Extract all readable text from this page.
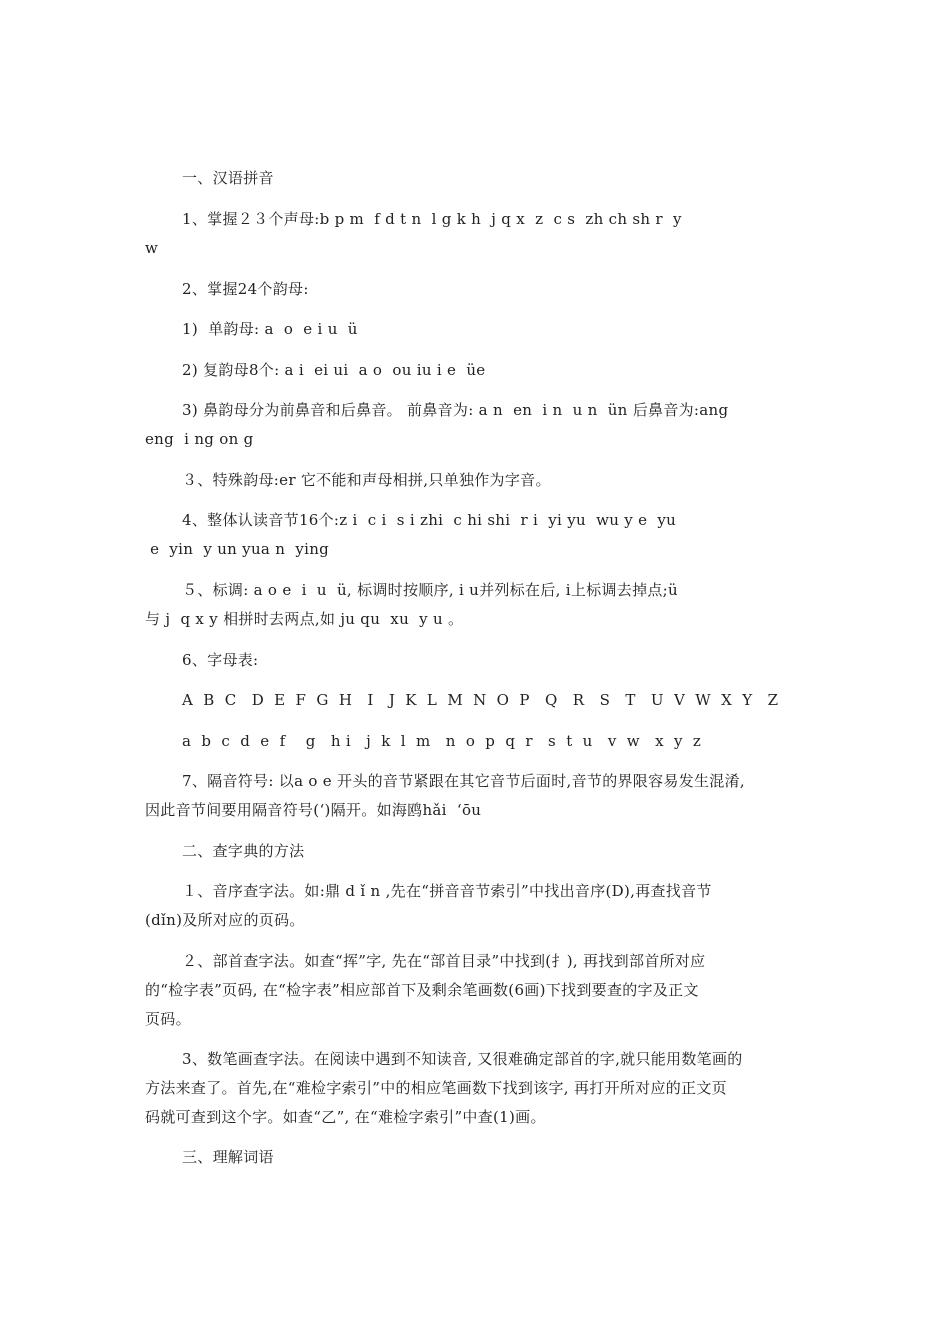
一、汉语拼音
1、掌握２３个声母:b p m  f d t n  l g k h  j q x  z  c s  zh ch sh r  y
w
2、掌握24个韵母:
1)  单韵母: a  o  e i u  ü
2) 复韵母8个: a i  ei ui  a o  ou iu i e  üe
3) 鼻韵母分为前鼻音和后鼻音。 前鼻音为: a n  en  i n  u n  ün 后鼻音为:ang
eng  i ng on g
３、特殊韵母:er 它不能和声母相拼,只单独作为字音。
4、整体认读音节16个:z i  c i  s i zhi  c hi shi  r i  yi yu  wu y e  yu
e  yin  y un yua n  ying
５、标调: a o e  i  u  ü, 标调时按顺序, i u并列标在后, i上标调去掉点;ü
与 j  q x y 相拼时去两点,如 ju qu  xu  y u 。
6、字母表:
A  B  C   D  E  F  G  H   I   J  K  L  M  N  O  P   Q   R   S   T   U  V  W  X  Y   Z
a  b  c  d  e  f    g   h i   j  k  l  m   n  o  p  q  r   s  t  u   v  w   x  y  z
7、隔音符号: 以a o e 开头的音节紧跟在其它音节后面时,音节的界限容易发生混淆,
因此音节间要用隔音符号(‘)隔开。如海鸥hǎi  ‘ōu
二、查字典的方法
１、音序查字法。如:鼎 d ǐ n ,先在“拼音音节索引”中找出音序(D),再查找音节
(dǐn)及所对应的页码。
２、部首查字法。如查“挥”字, 先在“部首目录”中找到(扌), 再找到部首所对应
的“检字表”页码, 在“检字表”相应部首下及剩余笔画数(6画)下找到要查的字及正文
页码。
3、数笔画查字法。在阅读中遇到不知读音, 又很难确定部首的字,就只能用数笔画的
方法来查了。首先,在“难检字索引”中的相应笔画数下找到该字, 再打开所对应的正文页
码就可查到这个字。如查“乙”, 在“难检字索引”中查(1)画。
三、理解词语
